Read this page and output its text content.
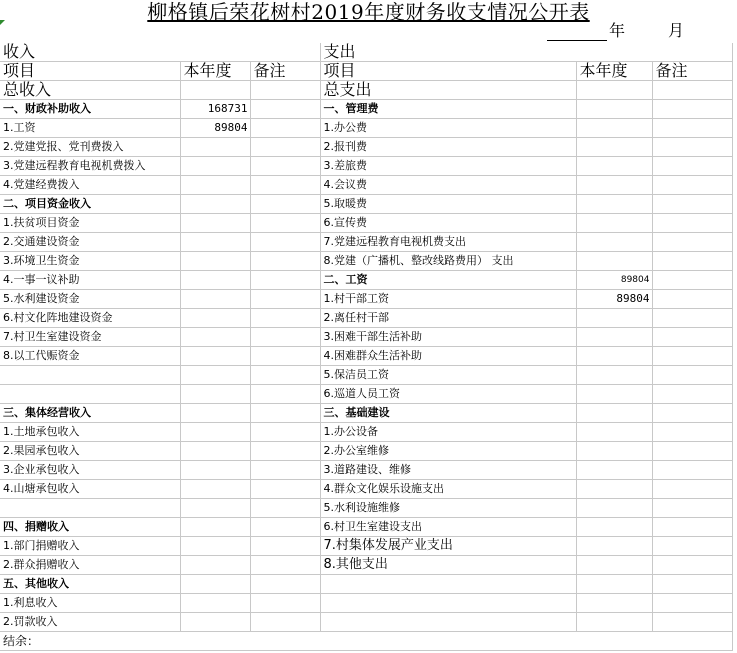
柳格镇后荣花树村2019年度财务收支情况公开表
年	月
收入			支出		
项目	本年度	备注	项目	本年度	备注
总收入			总支出		
一、财政补助收入	168731		一、管理费		
1.工资	89804		1.办公费		
2.党建党报、党刊费拨入			2.报刊费		
3.党建远程教育电视机费拨入			3.差旅费		
4.党建经费拨入			4.会议费		
二、项目资金收入			5.取暖费		
1.扶贫项目资金			6.宣传费		
2.交通建设资金			7.党建远程教育电视机费支出		
3.环境卫生资金			8.党建（广播机、整改线路费用） 支出		
4.一事一议补助			二、工资	89804	
5.水利建设资金			1.村干部工资	89804	
6.村文化阵地建设资金			2.离任村干部		
7.村卫生室建设资金			3.困难干部生活补助		
8.以工代赈资金			4.困难群众生活补助		
			5.保洁员工资		
			6.巡道人员工资		
三、集体经营收入			三、基础建设		
1.土地承包收入			1.办公设备		
2.果园承包收入			2.办公室维修		
3.企业承包收入			3.道路建设、维修		
4.山塘承包收入			4.群众文化娱乐设施支出		
			5.水利设施维修		
四、捐赠收入			6.村卫生室建设支出		
1.部门捐赠收入			7.村集体发展产业支出		
2.群众捐赠收入			8.其他支出		
五、其他收入					
1.利息收入					
2.罚款收入					
结余：					
